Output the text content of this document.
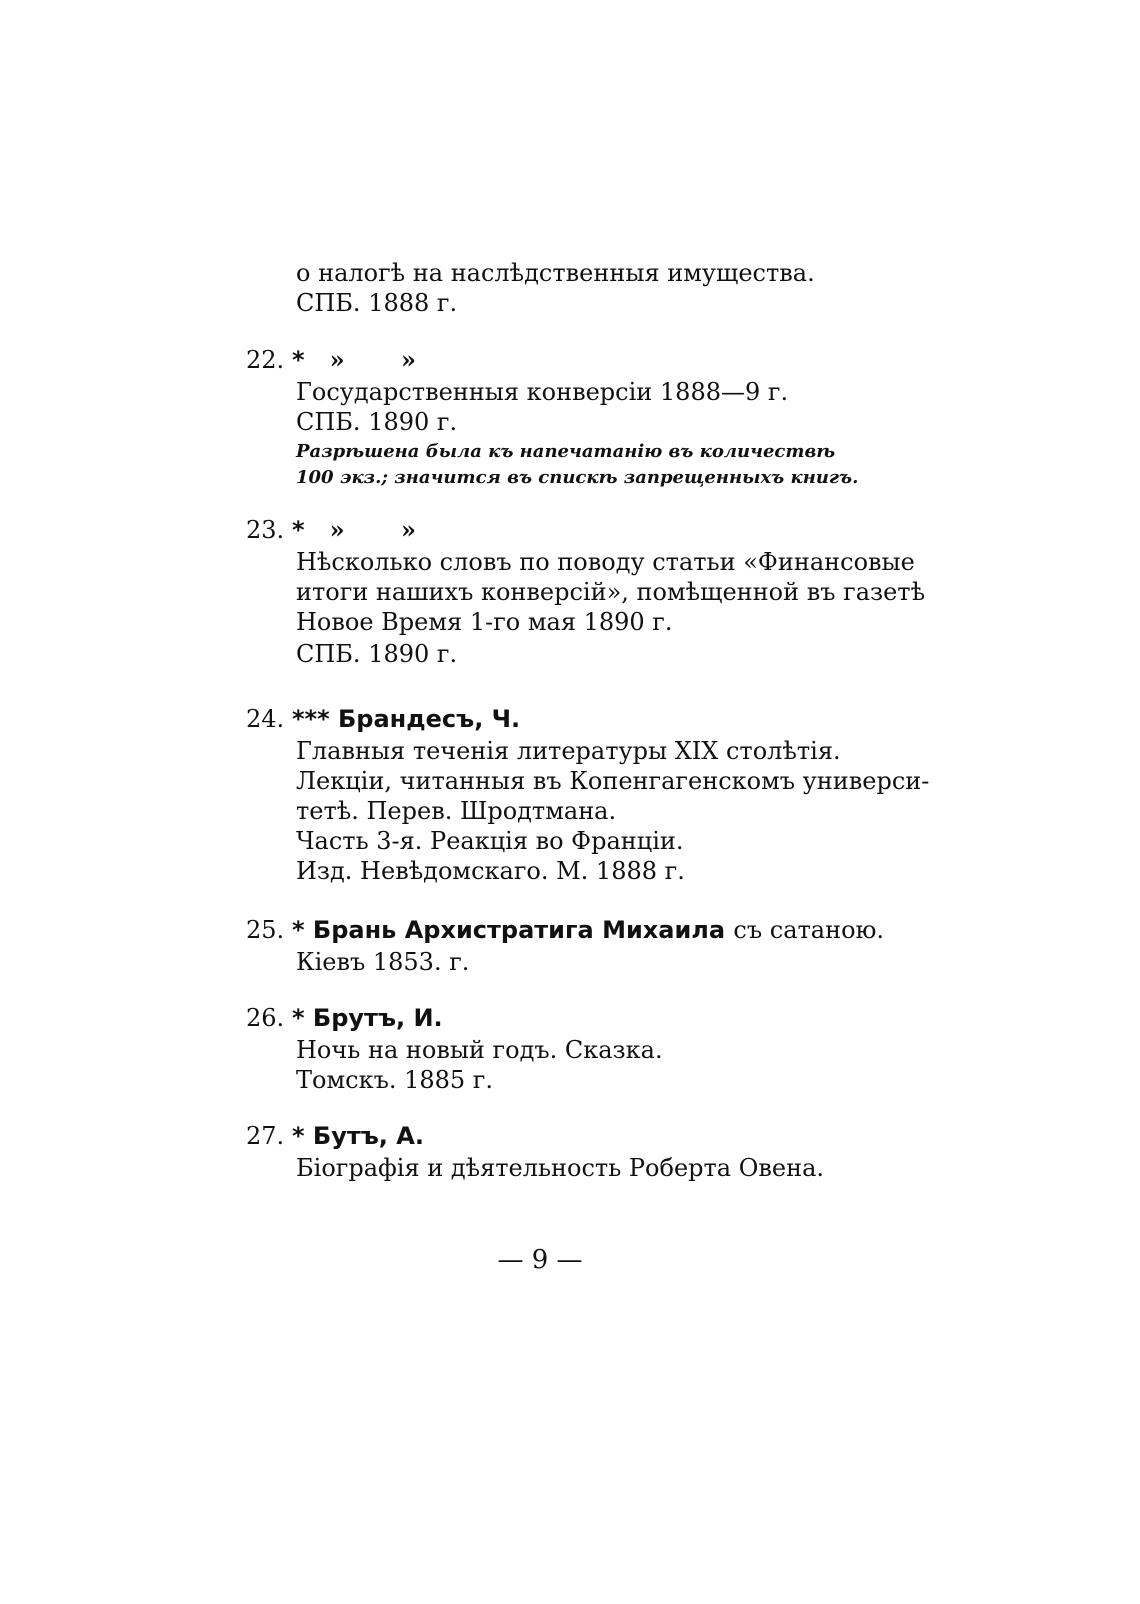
о налогѣ на наслѣдственныя имущества.
СПБ. 1888 г.
22. * » »
Государственныя конверсіи 1888—9 г.
СПБ. 1890 г.
Разрѣшена была къ напечатанію въ количествѣ
100 экз.; значится въ спискѣ запрещенныхъ книгъ.
23. * » »
Нѣсколько словъ по поводу статьи «Финансовые
итоги нашихъ конверсій», помѣщенной въ газетѣ
Новое Время 1-го мая 1890 г.
СПБ. 1890 г.
24. *** Брандесъ, Ч.
Главныя теченія литературы XIX столѣтія.
Лекціи, читанныя въ Копенгагенскомъ универси-
тетѣ. Перев. Шродтмана.
Часть 3-я. Реакція во Франціи.
Изд. Невѣдомскаго. М. 1888 г.
25. * Брань Архистратига Михаила съ сатаною.
Кіевъ 1853. г.
26. * Брутъ, И.
Ночь на новый годъ. Сказка.
Томскъ. 1885 г.
27. * Бутъ, А.
Біографія и дѣятельность Роберта Овена.
— 9 —
